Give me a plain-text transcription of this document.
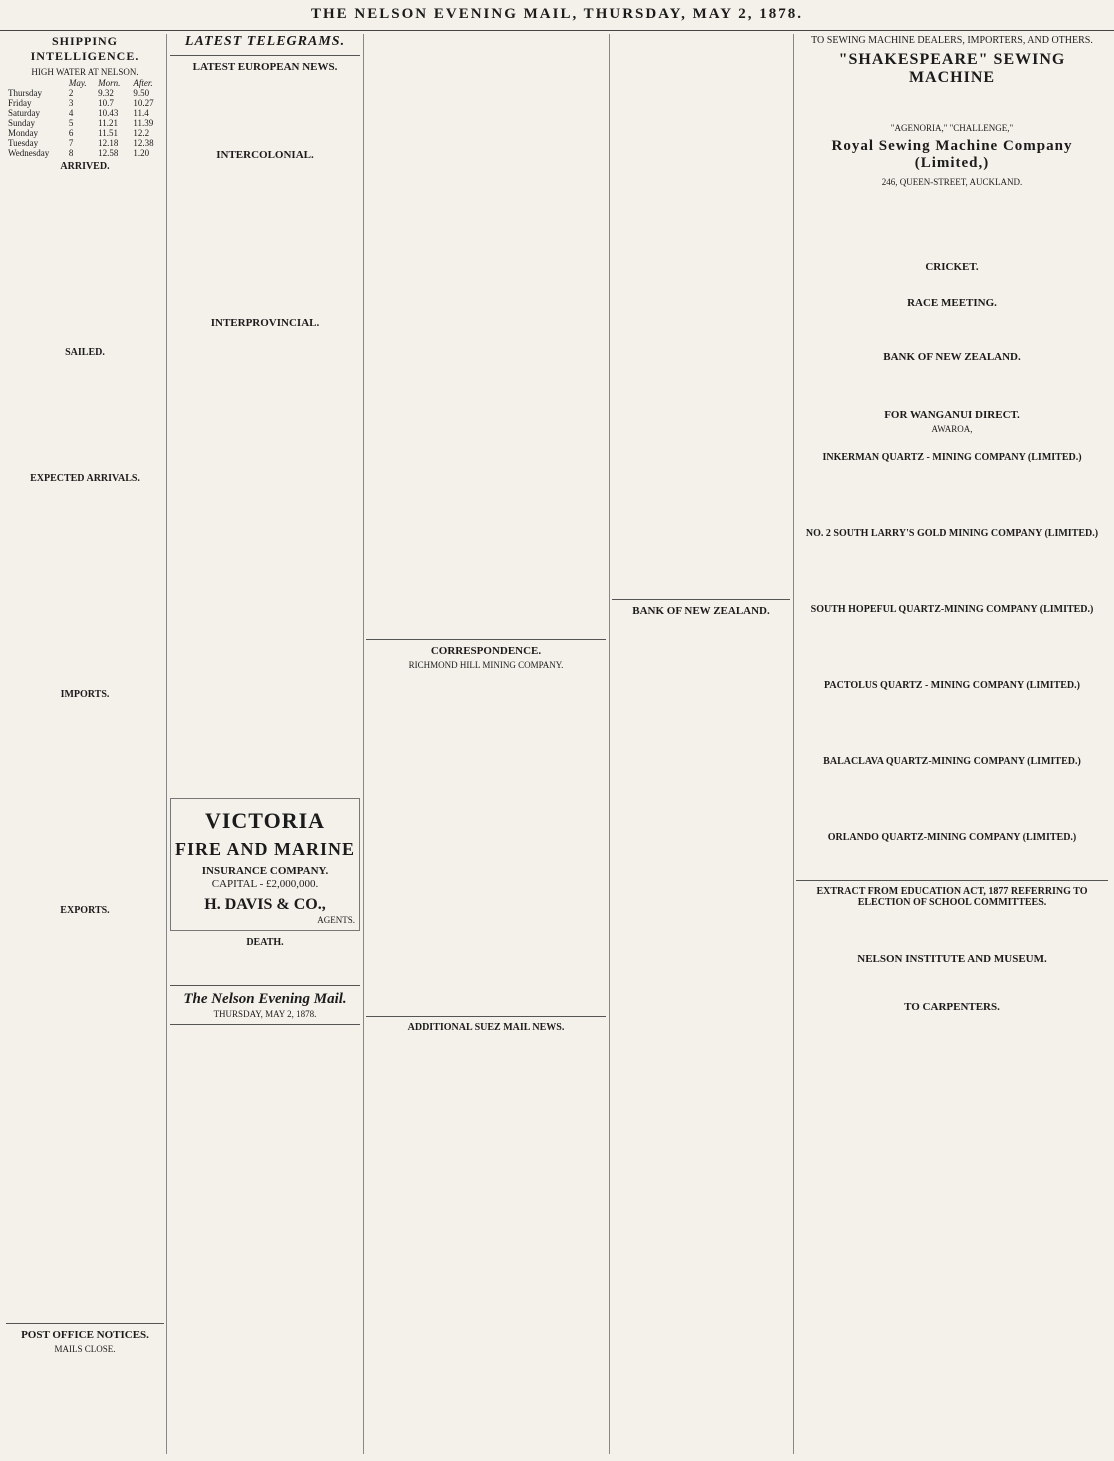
THE NELSON EVENING MAIL, THURSDAY, MAY 2, 1878.
SHIPPING INTELLIGENCE.
HIGH WATER AT NELSON.
	May.	Morn.	After.
Thursday	2	9.32	9.50
Friday	3	10.7	10.27
Saturday	4	10.43	11.4
Sunday	5	11.21	11.39
Monday	6	11.51	12.2
Tuesday	7	12.18	12.38
Wednesday	8	12.58	1.20
ARRIVED.
SAILED.
EXPECTED ARRIVALS.
IMPORTS.
EXPORTS.
POST OFFICE NOTICES.
MAILS CLOSE.
LATEST TELEGRAMS.
LATEST EUROPEAN NEWS.
INTERCOLONIAL.
INTERPROVINCIAL.
VICTORIA
FIRE AND MARINE
INSURANCE COMPANY.
CAPITAL - £2,000,000.
H. DAVIS & CO.,
AGENTS.
DEATH.
The Nelson Evening Mail.
THURSDAY, MAY 2, 1878.
CORRESPONDENCE.
RICHMOND HILL MINING COMPANY.
ADDITIONAL SUEZ MAIL NEWS.
BANK OF NEW ZEALAND.
TO SEWING MACHINE DEALERS, IMPORTERS, AND OTHERS.
"SHAKESPEARE" SEWING MACHINE
"AGENORIA," "CHALLENGE,"
Royal Sewing Machine Company (Limited,)
246, QUEEN-STREET, AUCKLAND.
CRICKET.
RACE MEETING.
BANK OF NEW ZEALAND.
FOR WANGANUI DIRECT.
AWAROA,
INKERMAN QUARTZ - MINING COMPANY (LIMITED.)
NO. 2 SOUTH LARRY'S GOLD MINING COMPANY (LIMITED.)
SOUTH HOPEFUL QUARTZ-MINING COMPANY (LIMITED.)
PACTOLUS QUARTZ - MINING COMPANY (LIMITED.)
BALACLAVA QUARTZ-MINING COMPANY (LIMITED.)
ORLANDO QUARTZ-MINING COMPANY (LIMITED.)
EXTRACT FROM EDUCATION ACT, 1877 REFERRING TO ELECTION OF SCHOOL COMMITTEES.
NELSON INSTITUTE AND MUSEUM.
TO CARPENTERS.
